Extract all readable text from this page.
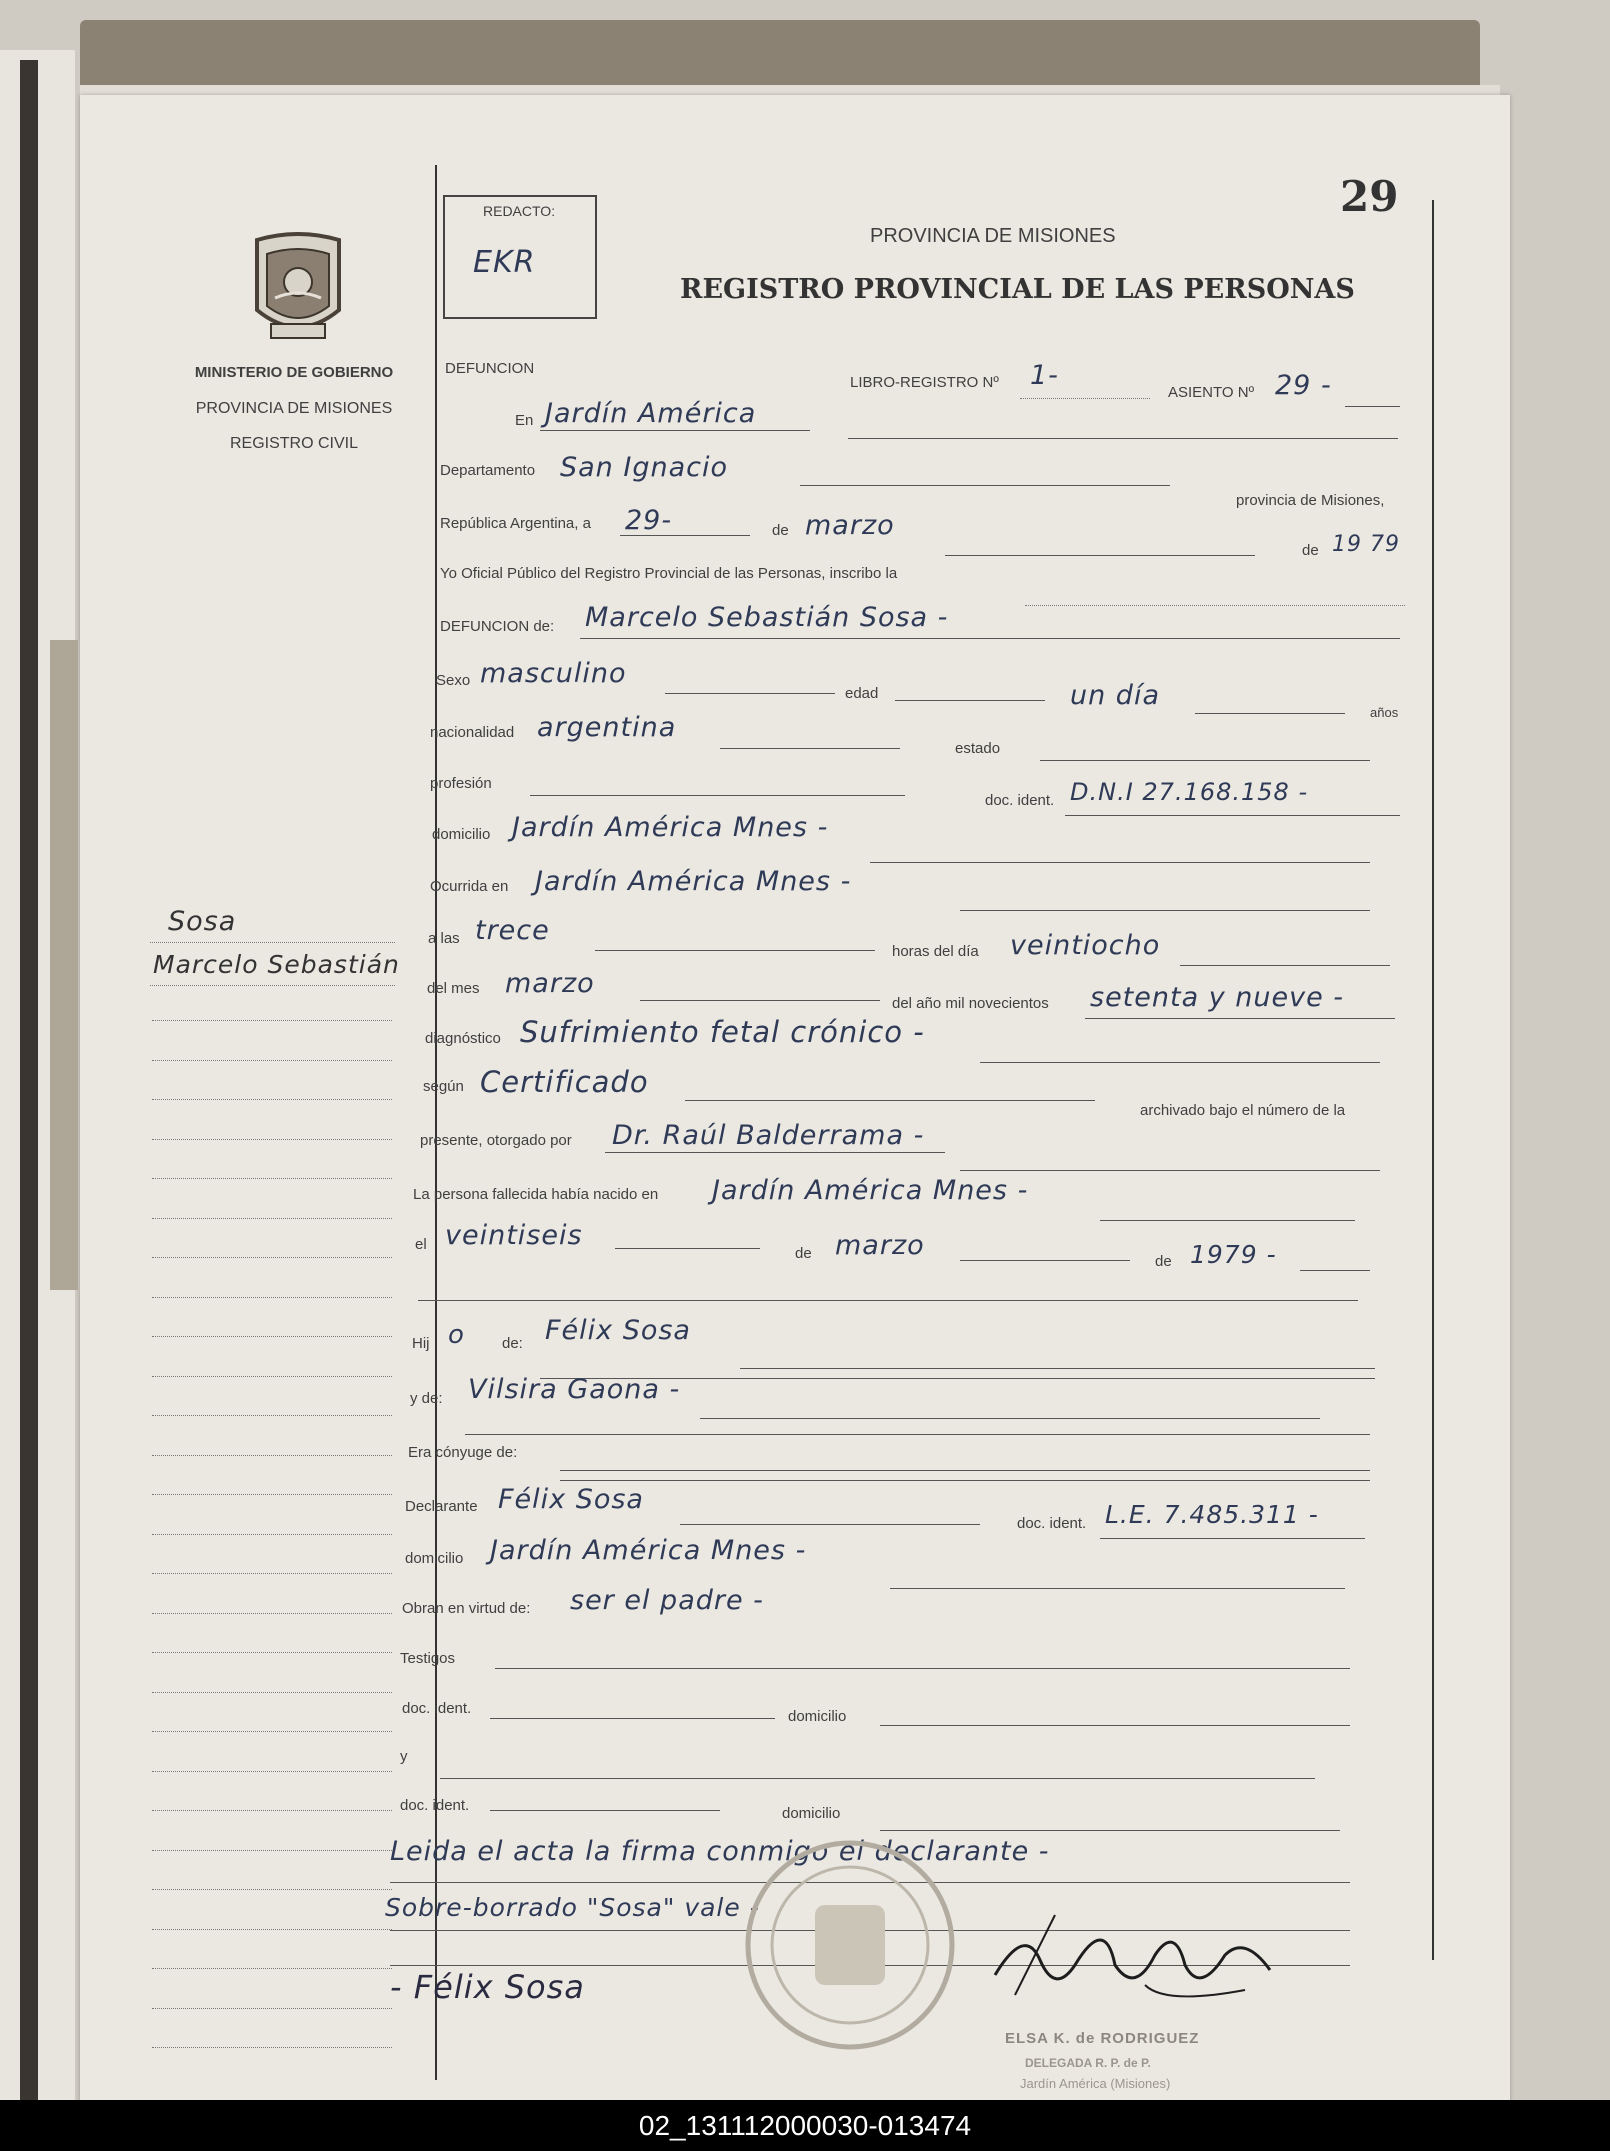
29
REDACTO:
EKR
MINISTERIO DE GOBIERNO
PROVINCIA DE MISIONES
REGISTRO CIVIL
PROVINCIA DE MISIONES
REGISTRO PROVINCIAL DE LAS PERSONAS
DEFUNCION
LIBRO-REGISTRO Nº 1-
ASIENTO Nº 29 -
Sosa
Marcelo Sebastián
En Jardín América
Departamento San Ignacio
provincia de Misiones,
República Argentina, a 29-	de marzo
de 19 79
Yo Oficial Público del Registro Provincial de las Personas, inscribo la
DEFUNCION de: Marcelo Sebastián Sosa -
Sexo masculino
edad	un día
años
nacionalidad argentina
estado
profesión
doc. ident. D.N.I 27.168.158 -
domicilio Jardín América Mnes -
Ocurrida en Jardín América Mnes -
a las trece
horas del día veintiocho
del mes marzo
del año mil novecientos setenta y nueve -
diagnóstico Sufrimiento fetal crónico -
según Certificado
archivado bajo el número de la
presente, otorgado por Dr. Raúl Balderrama -
La persona fallecida había nacido en Jardín América Mnes -
el veintiseis
de marzo
de 1979 -
Hij o de: Félix Sosa
y de: Vilsira Gaona -
Era cónyuge de:
Declarante Félix Sosa
doc. ident. L.E. 7.485.311 -
domicilio Jardín América Mnes -
Obran en virtud de: ser el padre -
Testigos
doc. ident.	domicilio
y
doc. ident.	domicilio
Leida el acta la firma conmigo el declarante -
Sobre-borrado "Sosa" vale -
- Félix Sosa
ELSA K. de RODRIGUEZ
DELEGADA R. P. de P.
Jardín América (Misiones)
02_131112000030-013474
